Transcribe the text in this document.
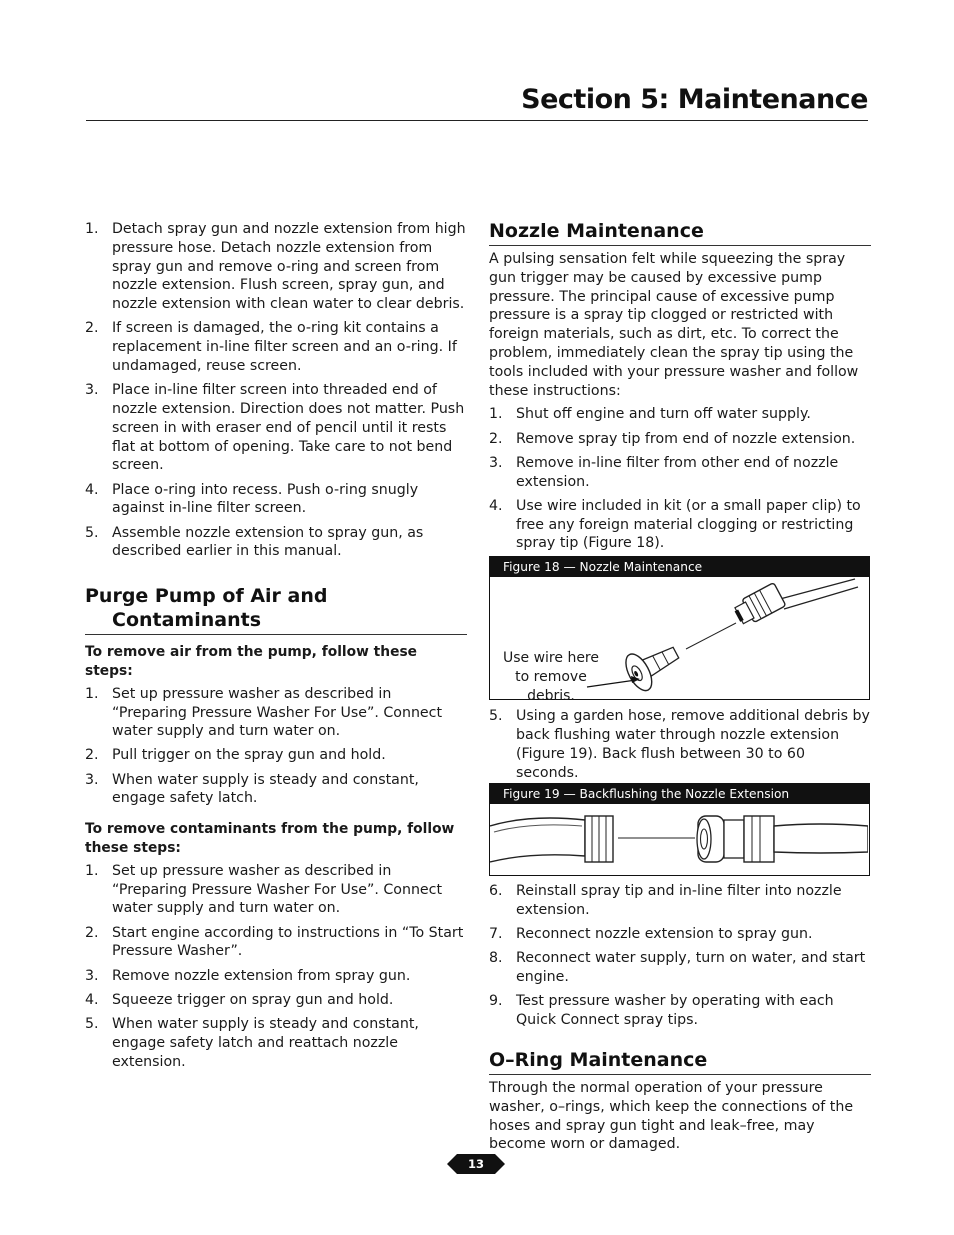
Section 5: Maintenance
1. Detach spray gun and nozzle extension from high pressure hose. Detach nozzle extension from spray gun and remove o-ring and screen from nozzle extension. Flush screen, spray gun, and nozzle extension with clean water to clear debris.
2. If screen is damaged, the o-ring kit contains a replacement in-line filter screen and an o-ring. If undamaged, reuse screen.
3. Place in-line filter screen into threaded end of nozzle extension. Direction does not matter. Push screen in with eraser end of pencil until it rests flat at bottom of opening. Take care to not bend screen.
4. Place o-ring into recess. Push o-ring snugly against in-line filter screen.
5. Assemble nozzle extension to spray gun, as described earlier in this manual.
Purge Pump of Air and
Contaminants

To remove air from the pump, follow these steps:

1. Set up pressure washer as described in “Preparing Pressure Washer For Use”. Connect water supply and turn water on.
2. Pull trigger on the spray gun and hold.
3. When water supply is steady and constant, engage safety latch.

To remove contaminants from the pump, follow these steps:

1. Set up pressure washer as described in “Preparing Pressure Washer For Use”. Connect water supply and turn water on.
2. Start engine according to instructions in “To Start Pressure Washer”.
3. Remove nozzle extension from spray gun.
4. Squeeze trigger on spray gun and hold.
5. When water supply is steady and constant, engage safety latch and reattach nozzle extension.
Nozzle Maintenance

A pulsing sensation felt while squeezing the spray gun trigger may be caused by excessive pump pressure. The principal cause of excessive pump pressure is a spray tip clogged or restricted with foreign materials, such as dirt, etc. To correct the problem, immediately clean the spray tip using the tools included with your pressure washer and follow these instructions:

1. Shut off engine and turn off water supply.
2. Remove spray tip from end of nozzle extension.
3. Remove in-line filter from other end of nozzle extension.
4. Use wire included in kit (or a small paper clip) to free any foreign material clogging or restricting spray tip (Figure 18).
Figure 18 — Nozzle Maintenance
Use wire here
to remove
debris.
5. Using a garden hose, remove additional debris by back flushing water through nozzle extension (Figure 19). Back flush between 30 to 60 seconds.
Figure 19 — Backflushing the Nozzle Extension
6. Reinstall spray tip and in-line filter into nozzle extension.
7. Reconnect nozzle extension to spray gun.
8. Reconnect water supply, turn on water, and start engine.
9. Test pressure washer by operating with each Quick Connect spray tips.
O–Ring Maintenance

Through the normal operation of your pressure washer, o–rings, which keep the connections of the hoses and spray gun tight and leak–free, may become worn or damaged.

13
